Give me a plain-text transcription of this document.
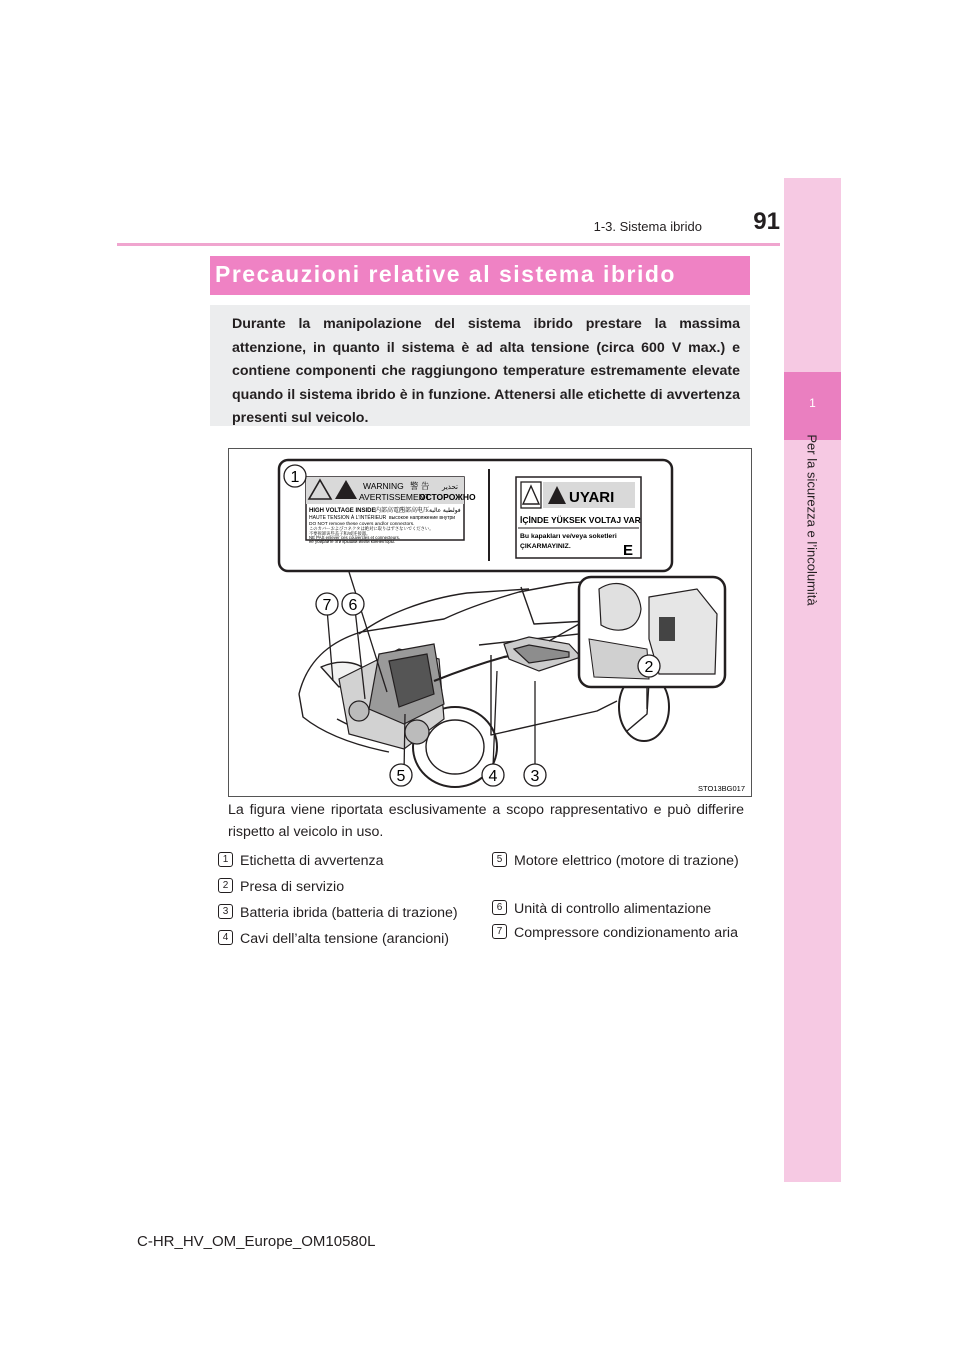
91
1-3. Sistema ibrido
1
Per la sicurezza e l’incolumità
Precauzioni relative al sistema ibrido
Durante la manipolazione del sistema ibrido prestare la massima attenzione, in quanto il sistema è ad alta tensione (circa 600 V max.) e contiene componenti che raggiungono temperature estremamente elevate quando il sistema ibrido è in funzione. Attenersi alle etichette di avvertenza presenti sul veicolo.
WARNING 警 告 تحذير
AVERTISSEMENT
ОСТОРОЖНО
HIGH VOLTAGE INSIDE 内部高電圧
内部高电压 فولطية عالية
HAUTE TENSION À L'INTÉRIEUR высокое напряжение внутри
DO NOT remove these covers and/or connectors.
このカバーおよびコネクタは絶対に取りはずさないでください。
不要拆卸该些盖子和/或连接器。
NE PAS enlever ces couvercles et connecteurs.
не убирайте эти крышки и/или коннекторы.
UYARI
İÇİNDE YÜKSEK VOLTAJ VAR
Bu kapakları ve/veya soketleri
ÇIKARMAYINIZ.	E
1
2
3
4
5
6
7
STO13BG017
La figura viene riportata esclusivamente a scopo rappresentativo e può differire rispetto al veicolo in uso.
1 Etichetta di avvertenza
2 Presa di servizio
3 Batteria ibrida (batteria di trazione)
4 Cavi dell’alta tensione (arancioni)
5 Motore elettrico (motore di trazione)
6 Unità di controllo alimentazione
7 Compressore condizionamento aria
C-HR_HV_OM_Europe_OM10580L
